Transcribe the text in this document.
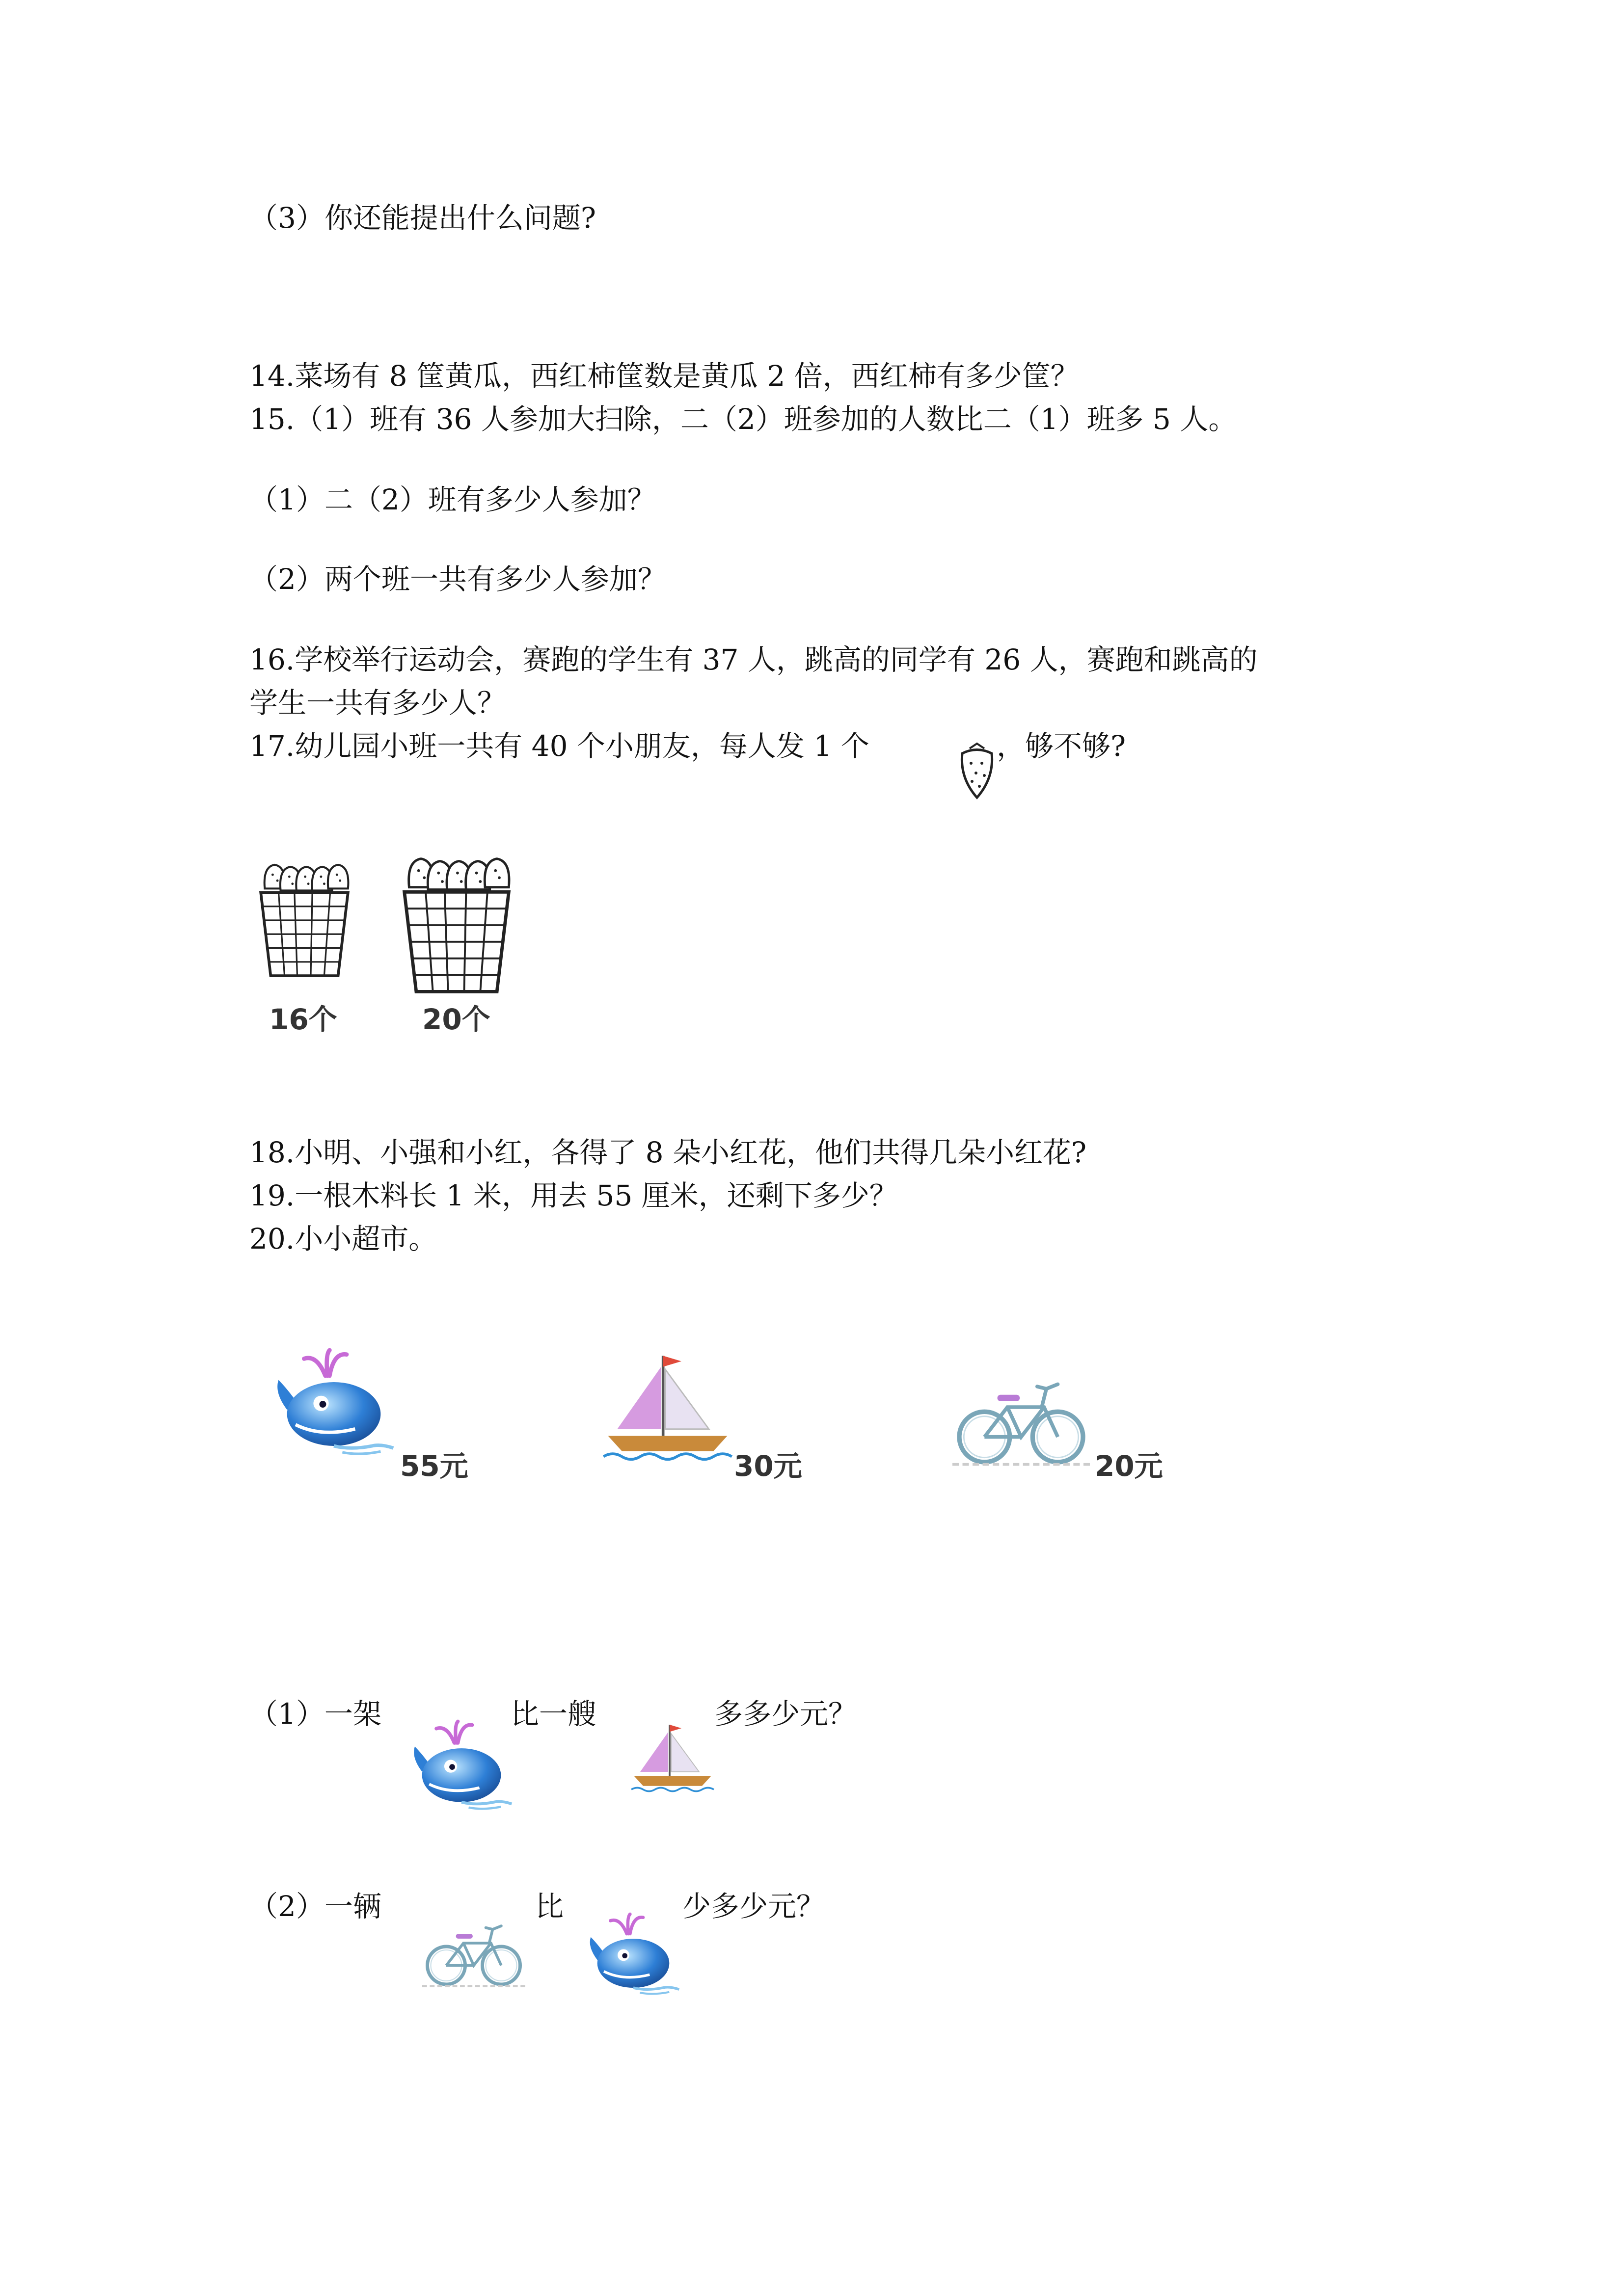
（3）你还能提出什么问题?
14.菜场有 8 筐黄瓜，西红柿筐数是黄瓜 2 倍，西红柿有多少筐？
15.（1）班有 36 人参加大扫除，二（2）班参加的人数比二（1）班多 5 人。
（1）二（2）班有多少人参加？
（2）两个班一共有多少人参加？
16.学校举行运动会，赛跑的学生有 37 人，跳高的同学有 26 人，赛跑和跳高的
学生一共有多少人？
17.幼儿园小班一共有 40 个小朋友，每人发 1 个	，够不够?
16个	20个
18.小明、小强和小红，各得了 8 朵小红花，他们共得几朵小红花?
19.一根木料长 1 米，用去 55 厘米，还剩下多少？
20.小小超市。
55元	30元	20元
（1）一架	比一艘	多多少元？
（2）一辆	比	少多少元？
